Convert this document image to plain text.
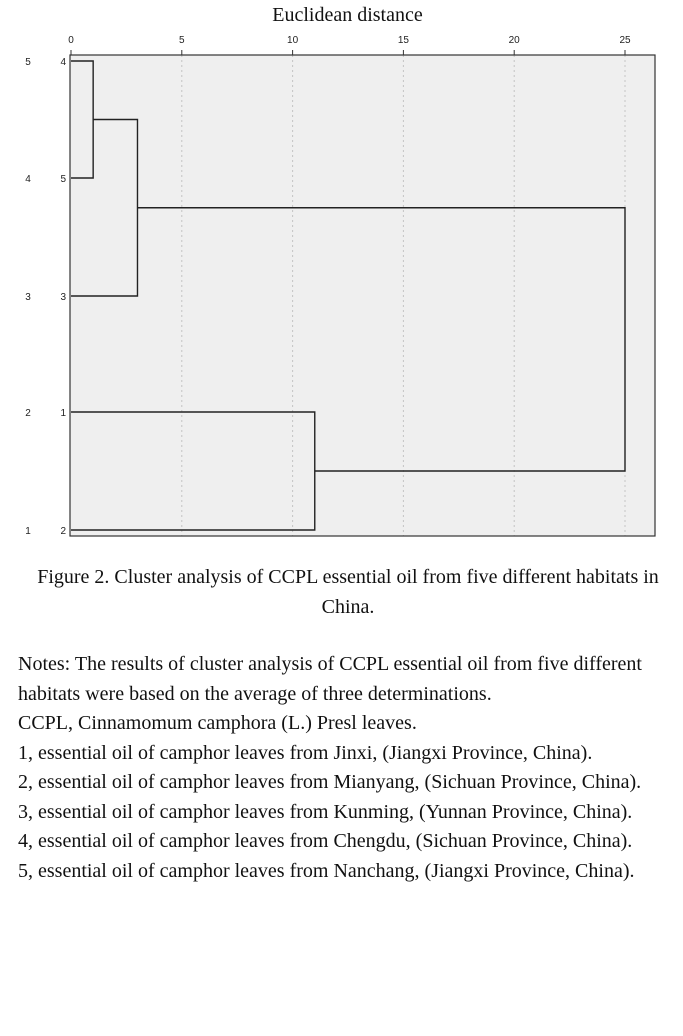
Euclidean distance
0	5	10	15	20	25
5	4
4	5
3	3
2	1
1	2
Figure 2. Cluster analysis of CCPL essential oil from five different habitats in China.

Notes: The results of cluster analysis of CCPL essential oil from five different habitats were based on the average of three determinations.

CCPL, Cinnamomum camphora (L.) Presl leaves.

1, essential oil of camphor leaves from Jinxi, (Jiangxi Province, China).

2, essential oil of camphor leaves from Mianyang, (Sichuan Province, China).

3, essential oil of camphor leaves from Kunming, (Yunnan Province, China).

4, essential oil of camphor leaves from Chengdu, (Sichuan Province, China).

5, essential oil of camphor leaves from Nanchang, (Jiangxi Province, China).
